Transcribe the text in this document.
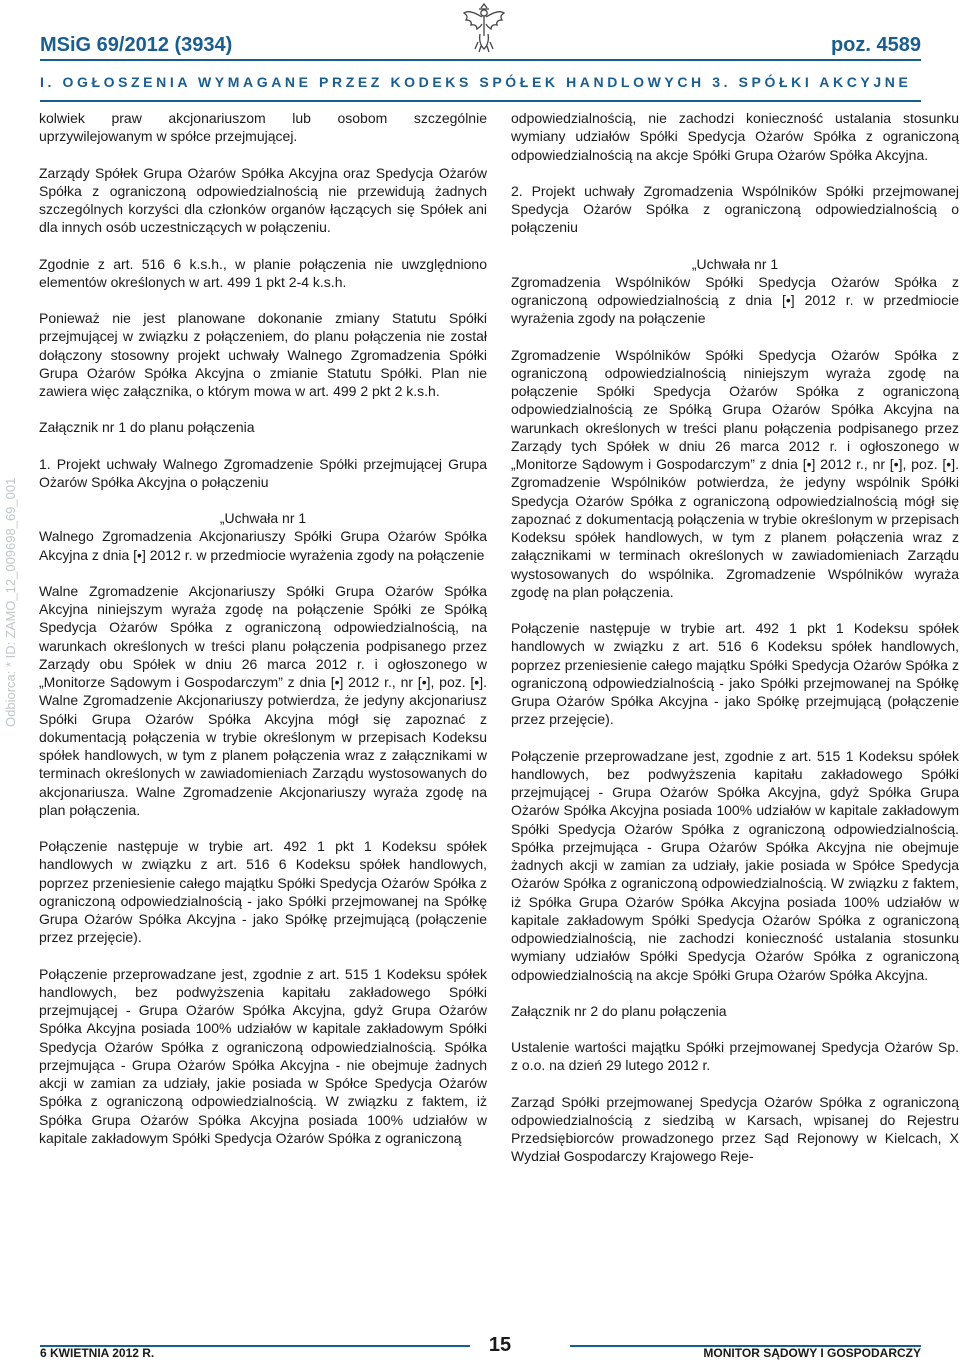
MSiG 69/2012 (3934)	poz. 4589
I. OGŁOSZENIA WYMAGANE PRZEZ KODEKS SPÓŁEK HANDLOWYCH 3. SPÓŁKI AKCYJNE
Odbiorca: * ID: ZAMO_12_009698_69_001

kolwiek praw akcjonariuszom lub osobom szczególnie uprzywilejowanym w spółce przejmującej.

Zarządy Spółek Grupa Ożarów Spółka Akcyjna oraz Spedycja Ożarów Spółka z ograniczoną odpowiedzialnością nie przewidują żadnych szczególnych korzyści dla członków organów łączących się Spółek ani dla innych osób uczestniczących w połączeniu.

Zgodnie z art. 516 6 k.s.h., w planie połączenia nie uwzględniono elementów określonych w art. 499 1 pkt 2-4 k.s.h.

Ponieważ nie jest planowane dokonanie zmiany Statutu Spółki przejmującej w związku z połączeniem, do planu połączenia nie został dołączony stosowny projekt uchwały Walnego Zgromadzenia Spółki Grupa Ożarów Spółka Akcyjna o zmianie Statutu Spółki. Plan nie zawiera więc załącznika, o którym mowa w art. 499 2 pkt 2 k.s.h.

Załącznik nr 1 do planu połączenia

1. Projekt uchwały Walnego Zgromadzenie Spółki przejmującej Grupa Ożarów Spółka Akcyjna o połączeniu

„Uchwała nr 1

Walnego Zgromadzenia Akcjonariuszy Spółki Grupa Ożarów Spółka Akcyjna z dnia [•] 2012 r. w przedmiocie wyrażenia zgody na połączenie

Walne Zgromadzenie Akcjonariuszy Spółki Grupa Ożarów Spółka Akcyjna niniejszym wyraża zgodę na połączenie Spółki ze Spółką Spedycja Ożarów Spółka z ograniczoną odpowiedzialnością, na warunkach określonych w treści planu połączenia podpisanego przez Zarządy obu Spółek w dniu 26 marca 2012 r. i ogłoszonego w „Monitorze Sądowym i Gospodarczym” z dnia [•] 2012 r., nr [•], poz. [•]. Walne Zgromadzenie Akcjonariuszy potwierdza, że jedyny akcjonariusz Spółki Grupa Ożarów Spółka Akcyjna mógł się zapoznać z dokumentacją połączenia w trybie określonym w przepisach Kodeksu spółek handlowych, w tym z planem połączenia wraz z załącznikami w terminach określonych w zawiadomieniach Zarządu wystosowanych do akcjonariusza. Walne Zgromadzenie Akcjonariuszy wyraża zgodę na plan połączenia.

Połączenie następuje w trybie art. 492 1 pkt 1 Kodeksu spółek handlowych w związku z art. 516 6 Kodeksu spółek handlowych, poprzez przeniesienie całego majątku Spółki Spedycja Ożarów Spółka z ograniczoną odpowiedzialnością - jako Spółki przejmowanej na Spółkę Grupa Ożarów Spółka Akcyjna - jako Spółkę przejmującą (połączenie przez przejęcie).

Połączenie przeprowadzane jest, zgodnie z art. 515 1 Kodeksu spółek handlowych, bez podwyższenia kapitału zakładowego Spółki przejmującej - Grupa Ożarów Spółka Akcyjna, gdyż Grupa Ożarów Spółka Akcyjna posiada 100% udziałów w kapitale zakładowym Spółki Spedycja Ożarów Spółka z ograniczoną odpowiedzialnością. Spółka przejmująca - Grupa Ożarów Spółka Akcyjna - nie obejmuje żadnych akcji w zamian za udziały, jakie posiada w Spółce Spedycja Ożarów Spółka z ograniczoną odpowiedzialnością. W związku z faktem, iż Spółka Grupa Ożarów Spółka Akcyjna posiada 100% udziałów w kapitale zakładowym Spółki Spedycja Ożarów Spółka z ograniczoną

odpowiedzialnością, nie zachodzi konieczność ustalania stosunku wymiany udziałów Spółki Spedycja Ożarów Spółka z ograniczoną odpowiedzialnością na akcje Spółki Grupa Ożarów Spółka Akcyjna.

2. Projekt uchwały Zgromadzenia Wspólników Spółki przejmowanej Spedycja Ożarów Spółka z ograniczoną odpowiedzialnością o połączeniu

„Uchwała nr 1

Zgromadzenia Wspólników Spółki Spedycja Ożarów Spółka z ograniczoną odpowiedzialnością z dnia [•] 2012 r. w przedmiocie wyrażenia zgody na połączenie

Zgromadzenie Wspólników Spółki Spedycja Ożarów Spółka z ograniczoną odpowiedzialnością niniejszym wyraża zgodę na połączenie Spółki Spedycja Ożarów Spółka z ograniczoną odpowiedzialnością ze Spółką Grupa Ożarów Spółka Akcyjna na warunkach określonych w treści planu połączenia podpisanego przez Zarządy tych Spółek w dniu 26 marca 2012 r. i ogłoszonego w „Monitorze Sądowym i Gospodarczym” z dnia [•] 2012 r., nr [•], poz. [•]. Zgromadzenie Wspólników potwierdza, że jedyny wspólnik Spółki Spedycja Ożarów Spółka z ograniczoną odpowiedzialnością mógł się zapoznać z dokumentacją połączenia w trybie określonym w przepisach Kodeksu spółek handlowych, w tym z planem połączenia wraz z załącznikami w terminach określonych w zawiadomieniach Zarządu wystosowanych do wspólnika. Zgromadzenie Wspólników wyraża zgodę na plan połączenia.

Połączenie następuje w trybie art. 492 1 pkt 1 Kodeksu spółek handlowych w związku z art. 516 6 Kodeksu spółek handlowych, poprzez przeniesienie całego majątku Spółki Spedycja Ożarów Spółka z ograniczoną odpowiedzialnością - jako Spółki przejmowanej na Spółkę Grupa Ożarów Spółka Akcyjna - jako Spółkę przejmującą (połączenie przez przejęcie).

Połączenie przeprowadzane jest, zgodnie z art. 515 1 Kodeksu spółek handlowych, bez podwyższenia kapitału zakładowego Spółki przejmującej - Grupa Ożarów Spółka Akcyjna, gdyż Spółka Grupa Ożarów Spółka Akcyjna posiada 100% udziałów w kapitale zakładowym Spółki Spedycja Ożarów Spółka z ograniczoną odpowiedzialnością. Spółka przejmująca - Grupa Ożarów Spółka Akcyjna nie obejmuje żadnych akcji w zamian za udziały, jakie posiada w Spółce Spedycja Ożarów Spółka z ograniczoną odpowiedzialnością. W związku z faktem, iż Spółka Grupa Ożarów Spółka Akcyjna posiada 100% udziałów w kapitale zakładowym Spółki Spedycja Ożarów Spółka z ograniczoną odpowiedzialnością, nie zachodzi konieczność ustalania stosunku wymiany udziałów Spółki Spedycja Ożarów Spółka z ograniczoną odpowiedzialnością na akcje Spółki Grupa Ożarów Spółka Akcyjna.

Załącznik nr 2 do planu połączenia

Ustalenie wartości majątku Spółki przejmowanej Spedycja Ożarów Sp. z o.o. na dzień 29 lutego 2012 r.

Zarząd Spółki przejmowanej Spedycja Ożarów Spółka z ograniczoną odpowiedzialnością z siedzibą w Karsach, wpisanej do Rejestru Przedsiębiorców prowadzonego przez Sąd Rejonowy w Kielcach, X Wydział Gospodarczy Krajowego Reje-

6 KWIETNIA 2012 R.	15	MONITOR SĄDOWY I GOSPODARCZY
